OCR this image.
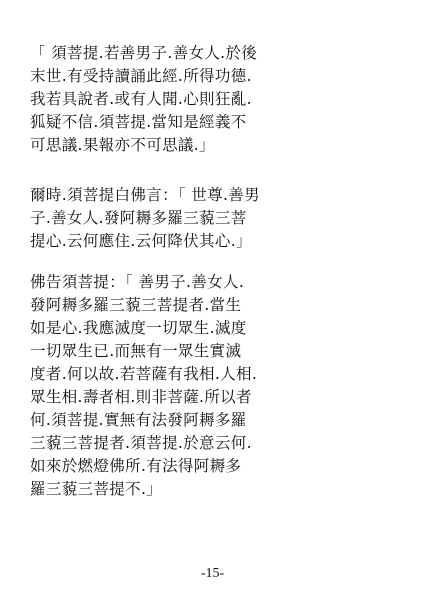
「 須菩提.若善男子.善女人.於後
末世.有受持讀誦此經.所得功德.
我若具說者.或有人聞.心則狂亂.
狐疑不信.須菩提.當知是經義不
可思議.果報亦不可思議.」
爾時.須菩提白佛言：「 世尊.善男
子.善女人.發阿耨多羅三藐三菩
提心.云何應住.云何降伏其心.」
佛告須菩提：「 善男子.善女人.
發阿耨多羅三藐三菩提者.當生
如是心.我應滅度一切眾生.滅度
一切眾生已.而無有一眾生實滅
度者.何以故.若菩薩有我相.人相.
眾生相.壽者相.則非菩薩.所以者
何.須菩提.實無有法發阿耨多羅
三藐三菩提者.須菩提.於意云何.
如來於燃燈佛所.有法得阿耨多
羅三藐三菩提不.」
-15-
